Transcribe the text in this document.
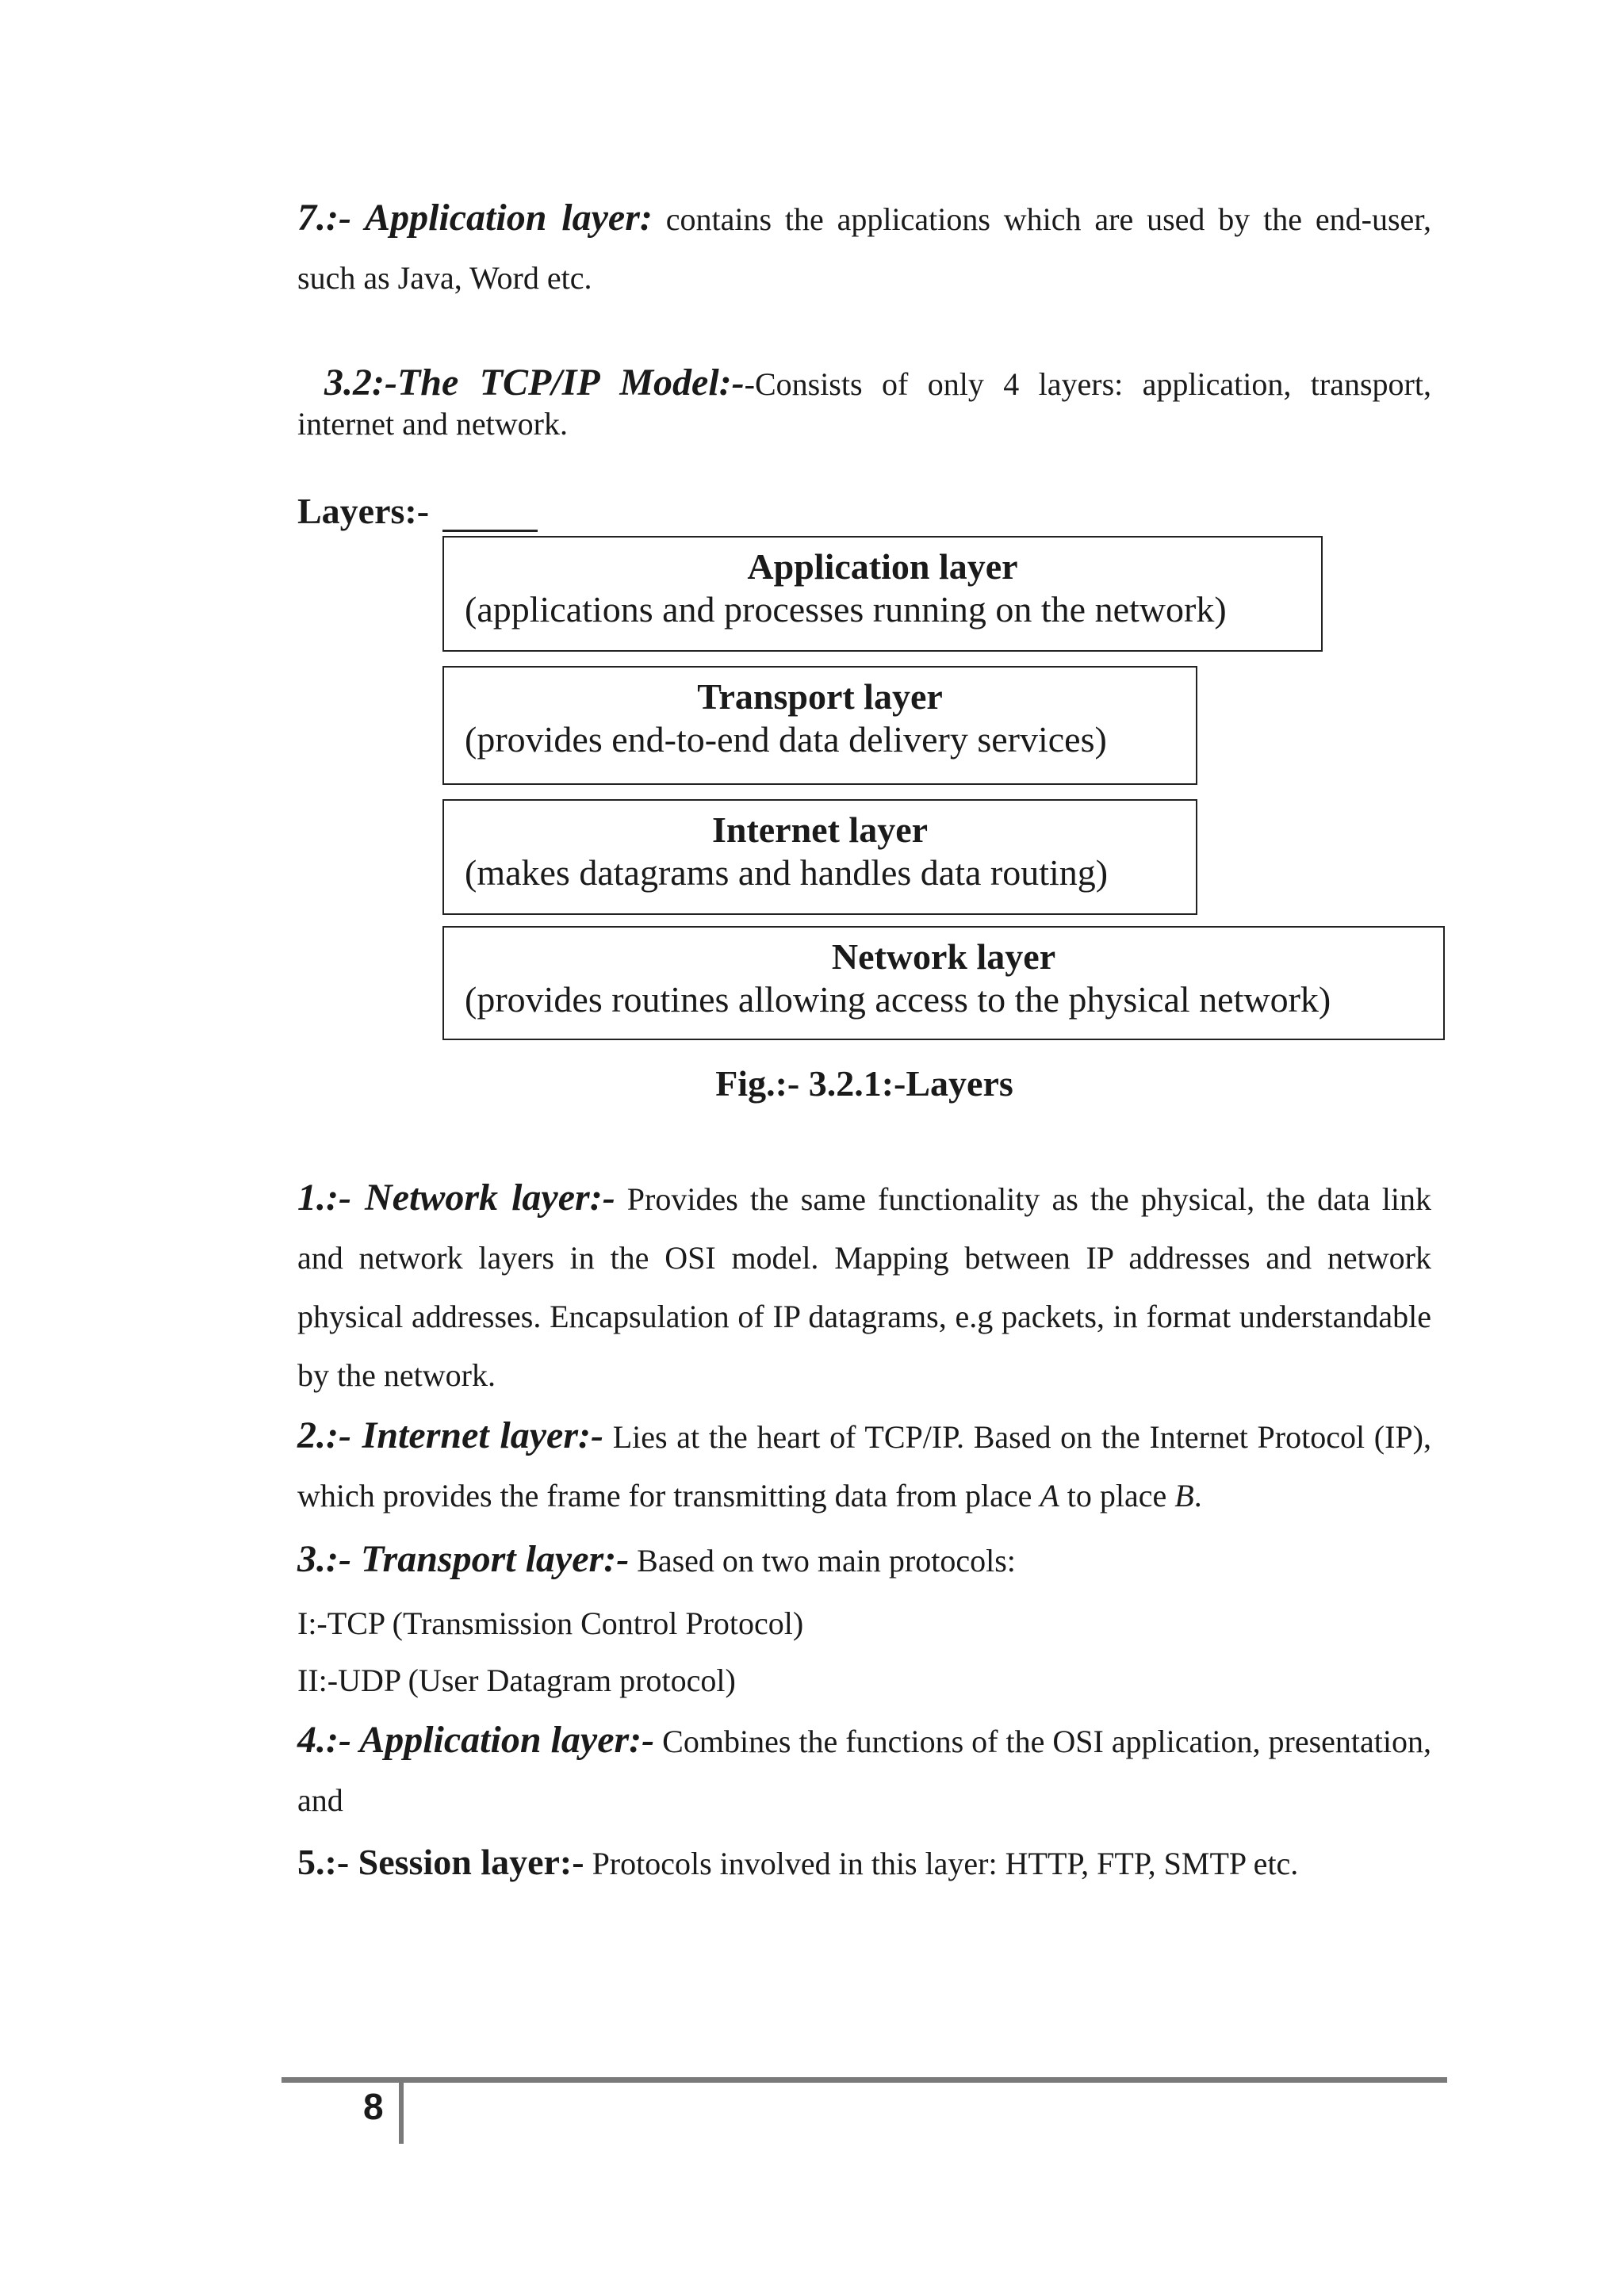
7.:- Application layer: contains the applications which are used by the end-user, such as Java, Word etc.

3.2:-The TCP/IP Model:--Consists of only 4 layers: application, transport, internet and network.

Layers:-

Application layer
(applications and processes running on the network)
Transport layer
(provides end-to-end data delivery services)
Internet layer
(makes datagrams and handles data routing)
Network layer
(provides routines allowing access to the physical network)

Fig.:- 3.2.1:-Layers

1.:- Network layer:- Provides the same functionality as the physical, the data link and network layers in the OSI model. Mapping between IP addresses and network physical addresses. Encapsulation of IP datagrams, e.g packets, in format understandable by the network.

2.:- Internet layer:- Lies at the heart of TCP/IP. Based on the Internet Protocol (IP), which provides the frame for transmitting data from place A to place B.

3.:- Transport layer:- Based on two main protocols:

I:-TCP (Transmission Control Protocol)

II:-UDP (User Datagram protocol)

4.:- Application layer:- Combines the functions of the OSI application, presentation, and

5.:- Session layer:- Protocols involved in this layer: HTTP, FTP, SMTP etc.

8
